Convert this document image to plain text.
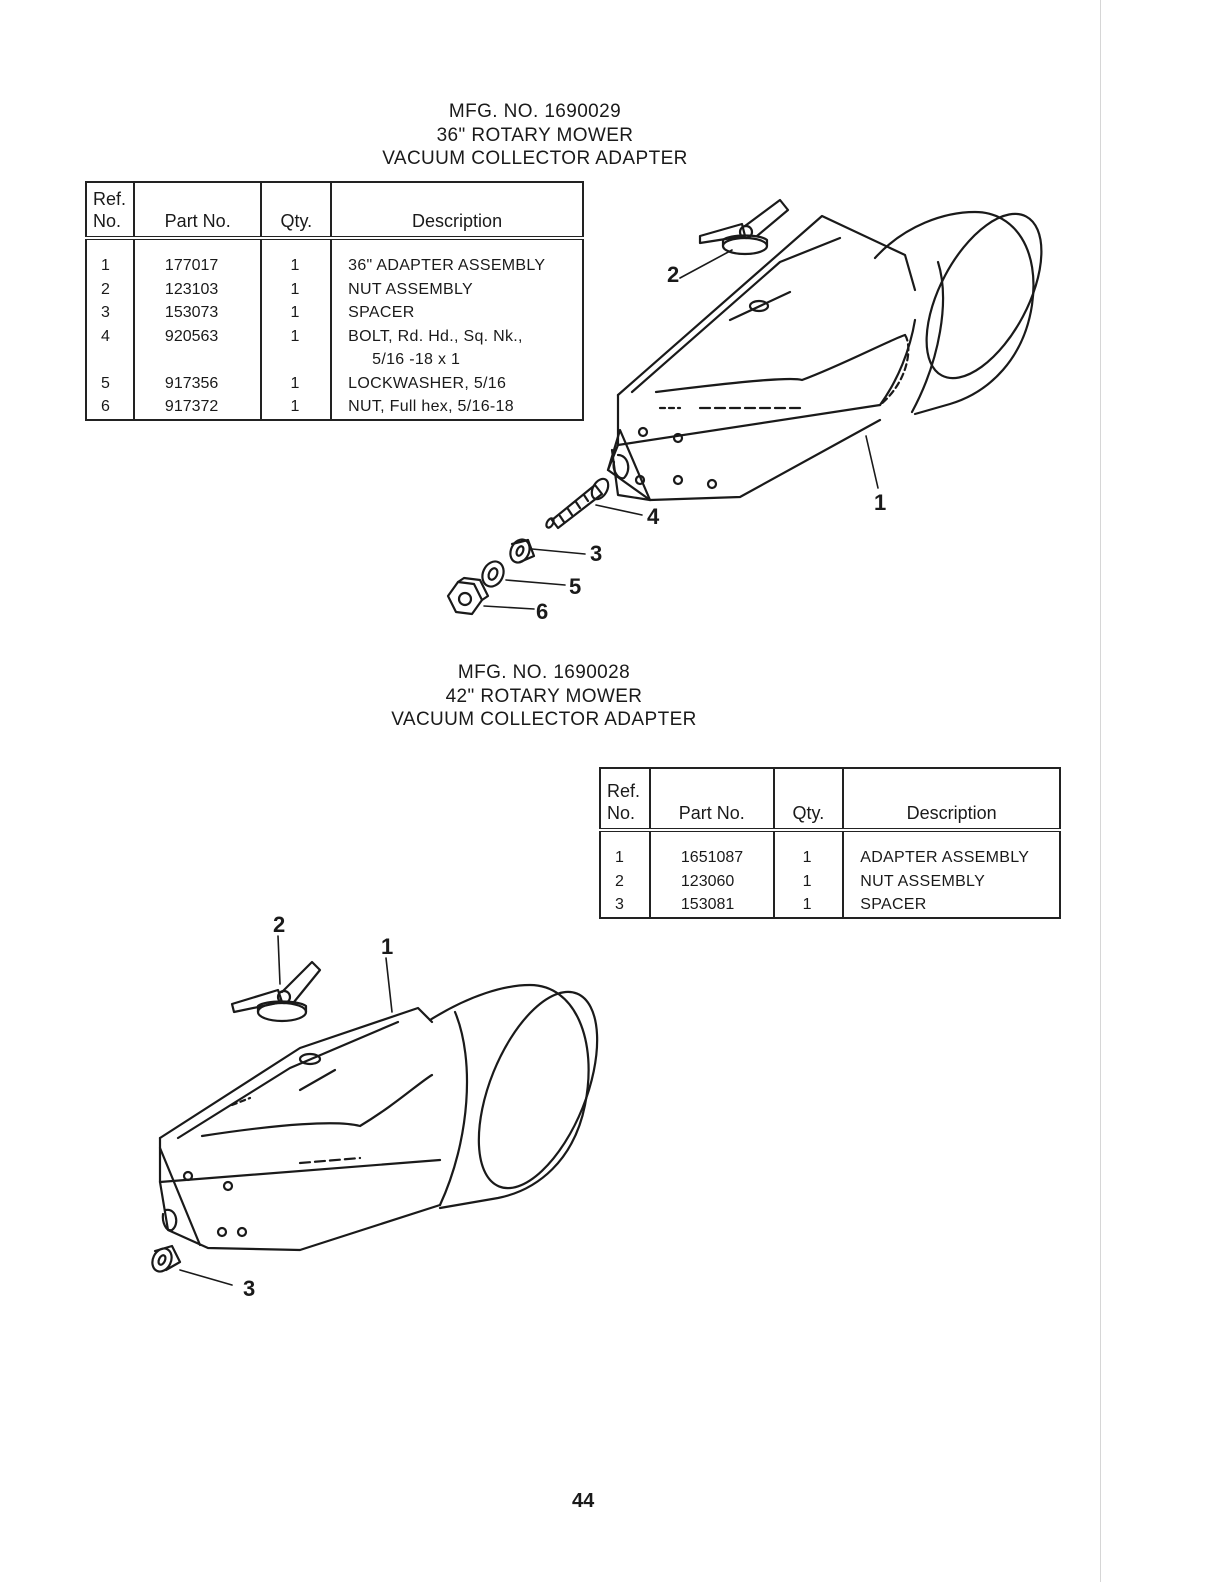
MFG. NO. 1690029
36" ROTARY MOWER
VACUUM COLLECTOR ADAPTER
Ref.
No.	Part No.	Qty.	Description
1	177017	1	36" ADAPTER ASSEMBLY
2	123103	1	NUT ASSEMBLY
3	153073	1	SPACER
4	920563	1	BOLT, Rd. Hd., Sq. Nk.,
5/16 -18 x 1

5	917356	1	LOCKWASHER, 5/16
6	917372	1	NUT, Full hex, 5/16-18
MFG. NO. 1690028
42" ROTARY MOWER
VACUUM COLLECTOR ADAPTER
Ref.
No.	Part No.	Qty.	Description
1	1651087	1	ADAPTER ASSEMBLY
2	123060	1	NUT ASSEMBLY
3	153081	1	SPACER
1
2
3
4
5
6
1
2
3
44
